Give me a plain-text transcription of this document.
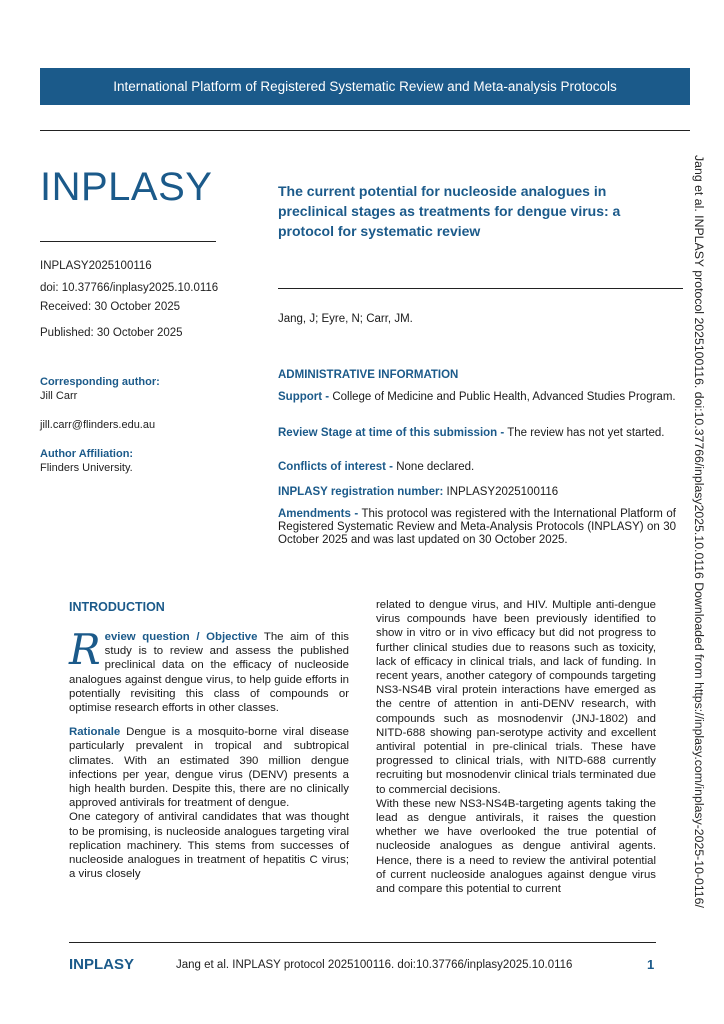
International Platform of Registered Systematic Review and Meta-analysis Protocols
INPLASY
INPLASY2025100116
doi: 10.37766/inplasy2025.10.0116
Received: 30 October 2025
Published: 30 October 2025
The current potential for nucleoside analogues in preclinical stages as treatments for dengue virus: a protocol for systematic review
Jang, J; Eyre, N; Carr, JM.
Corresponding author:
Jill Carr
jill.carr@flinders.edu.au
Author Affiliation:
Flinders University.
ADMINISTRATIVE INFORMATION
Support - College of Medicine and Public Health, Advanced Studies Program.
Review Stage at time of this submission - The review has not yet started.
Conflicts of interest - None declared.
INPLASY registration number: INPLASY2025100116
Amendments - This protocol was registered with the International Platform of Registered Systematic Review and Meta-Analysis Protocols (INPLASY) on 30 October 2025 and was last updated on 30 October 2025.
INTRODUCTION

Review question / Objective The aim of this study is to review and assess the published preclinical data on the efficacy of nucleoside analogues against dengue virus, to help guide efforts in potentially revisiting this class of compounds or optimise research efforts in other classes.

Rationale Dengue is a mosquito-borne viral disease particularly prevalent in tropical and subtropical climates. With an estimated 390 million dengue infections per year, dengue virus (DENV) presents a high health burden. Despite this, there are no clinically approved antivirals for treatment of dengue.

One category of antiviral candidates that was thought to be promising, is nucleoside analogues targeting viral replication machinery. This stems from successes of nucleoside analogues in treatment of hepatitis C virus; a virus closely

related to dengue virus, and HIV. Multiple anti-dengue virus compounds have been previously identified to show in vitro or in vivo efficacy but did not progress to further clinical studies due to reasons such as toxicity, lack of efficacy in clinical trials, and lack of funding. In recent years, another category of compounds targeting NS3-NS4B viral protein interactions have emerged as the centre of attention in anti-DENV research, with compounds such as mosnodenvir (JNJ-1802) and NITD-688 showing pan-serotype activity and excellent antiviral potential in pre-clinical trials. These have progressed to clinical trials, with NITD-688 currently recruiting but mosnodenvir clinical trials terminated due to commercial decisions.

With these new NS3-NS4B-targeting agents taking the lead as dengue antivirals, it raises the question whether we have overlooked the true potential of nucleoside analogues as dengue antiviral agents. Hence, there is a need to review the antiviral potential of current nucleoside analogues against dengue virus and compare this potential to current	Jang et al. INPLASY protocol 2025100116. doi:10.37766/inplasy2025.10.0116 Downloaded from https://inplasy.com/inplasy-2025-10-0116/
INPLASY	Jang et al. INPLASY protocol 2025100116. doi:10.37766/inplasy2025.10.0116	1
